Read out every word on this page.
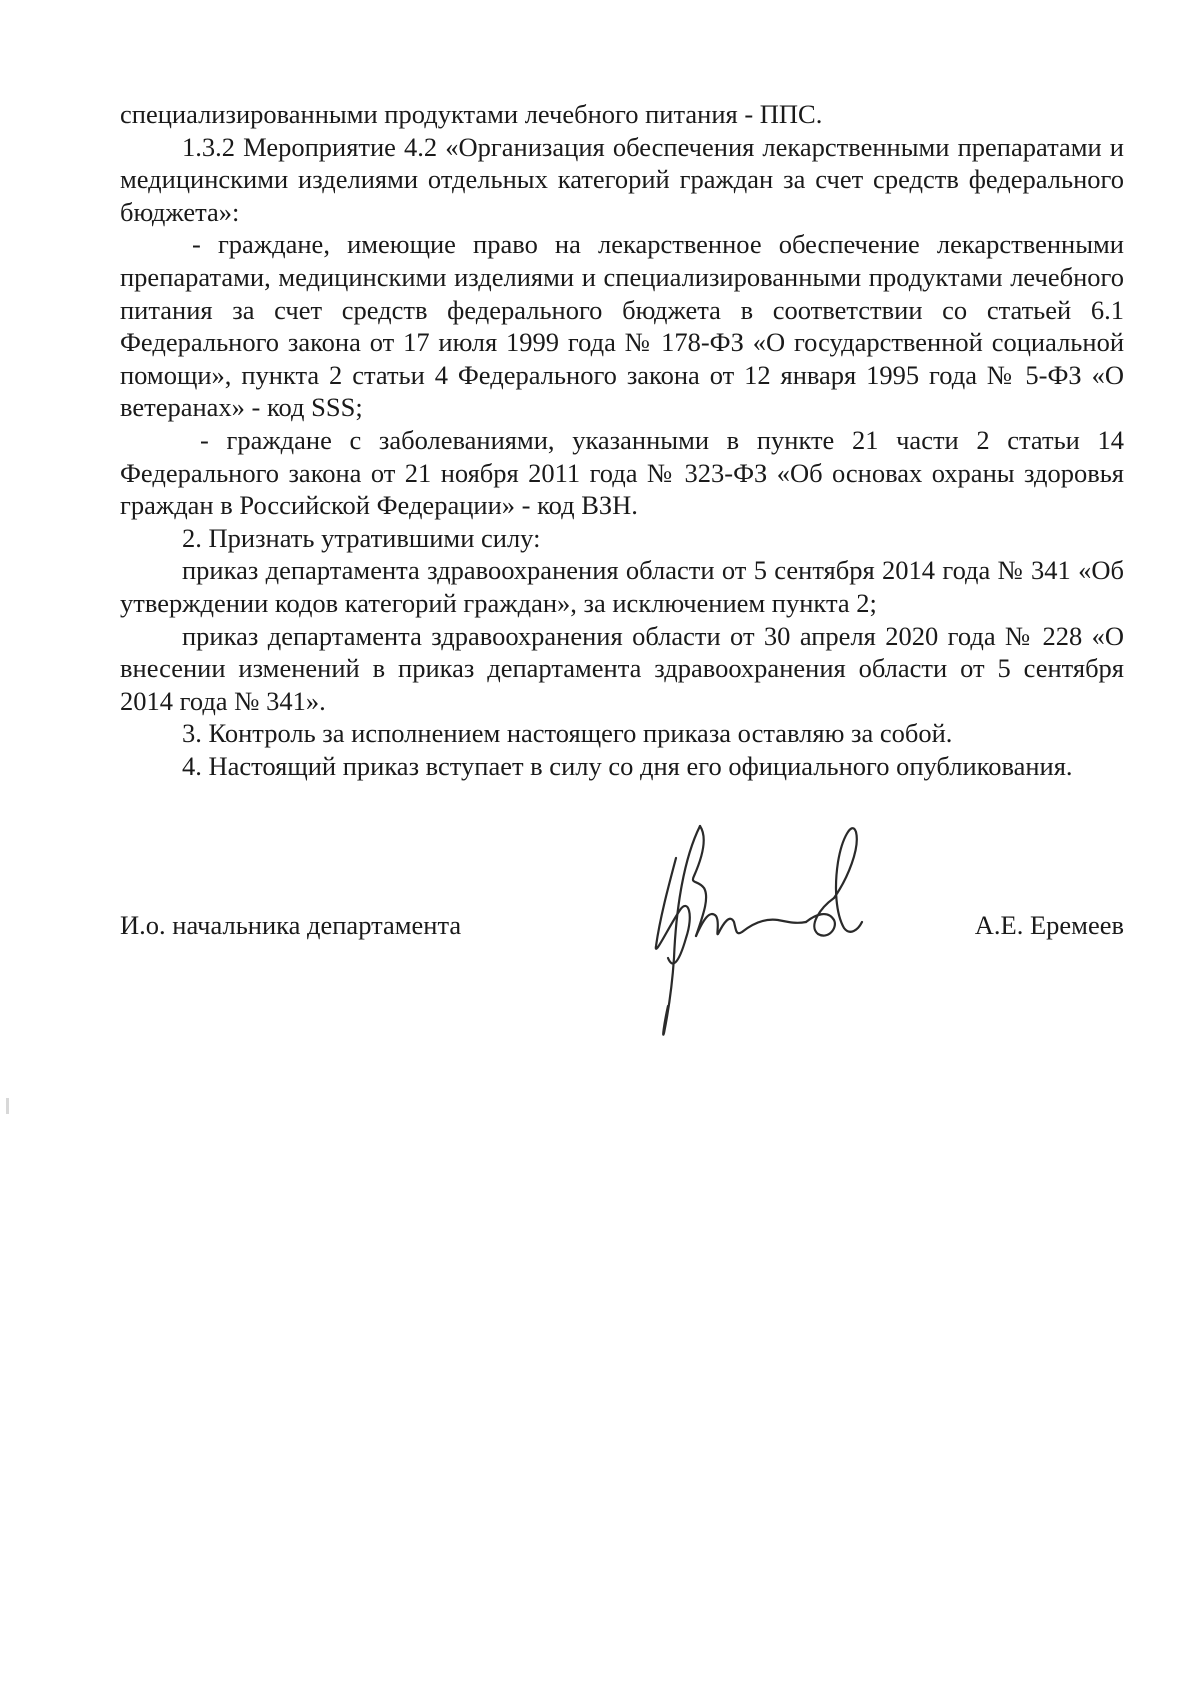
специализированными продуктами лечебного питания - ППС.

1.3.2 Мероприятие 4.2 «Организация обеспечения лекарственными препаратами и медицинскими изделиями отдельных категорий граждан за счет средств федерального бюджета»:

- граждане, имеющие право на лекарственное обеспечение лекарственными препаратами, медицинскими изделиями и специализированными продуктами лечебного питания за счет средств федерального бюджета в соответствии со статьей 6.1 Федерального закона от 17 июля 1999 года № 178-ФЗ «О государственной социальной помощи», пункта 2 статьи 4 Федерального закона от 12 января 1995 года № 5-ФЗ «О ветеранах» - код SSS;

- граждане с заболеваниями, указанными в пункте 21 части 2 статьи 14 Федерального закона от 21 ноября 2011 года № 323-ФЗ «Об основах охраны здоровья граждан в Российской Федерации» - код ВЗН.

2. Признать утратившими силу:

приказ департамента здравоохранения области от 5 сентября 2014 года № 341 «Об утверждении кодов категорий граждан», за исключением пункта 2;

приказ департамента здравоохранения области от 30 апреля 2020 года № 228 «О внесении изменений в приказ департамента здравоохранения области от 5 сентября 2014 года № 341».

3. Контроль за исполнением настоящего приказа оставляю за собой.

4. Настоящий приказ вступает в силу со дня его официального опубликования.

И.о. начальника департамента	А.Е. Еремеев
